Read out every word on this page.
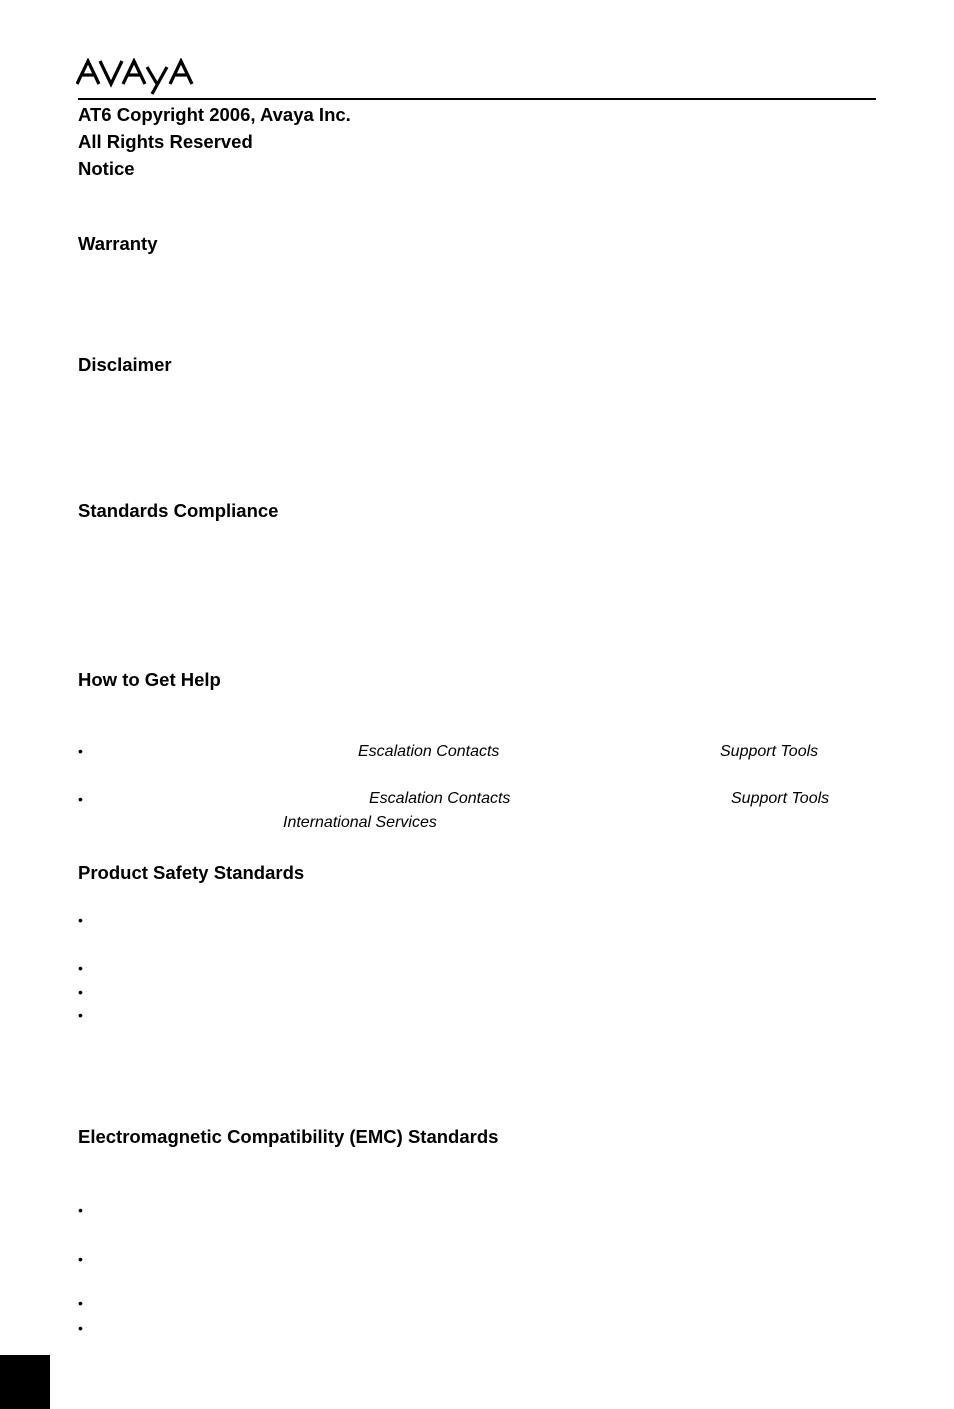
AT6 Copyright 2006, Avaya Inc.
All Rights Reserved
Notice
Warranty
Disclaimer
Standards Compliance
How to Get Help
•	Escalation Contacts	Support Tools
•	Escalation Contacts	Support Tools
International Services
Product Safety Standards
•
•
•
•
Electromagnetic Compatibility (EMC) Standards
•
•
•
•
